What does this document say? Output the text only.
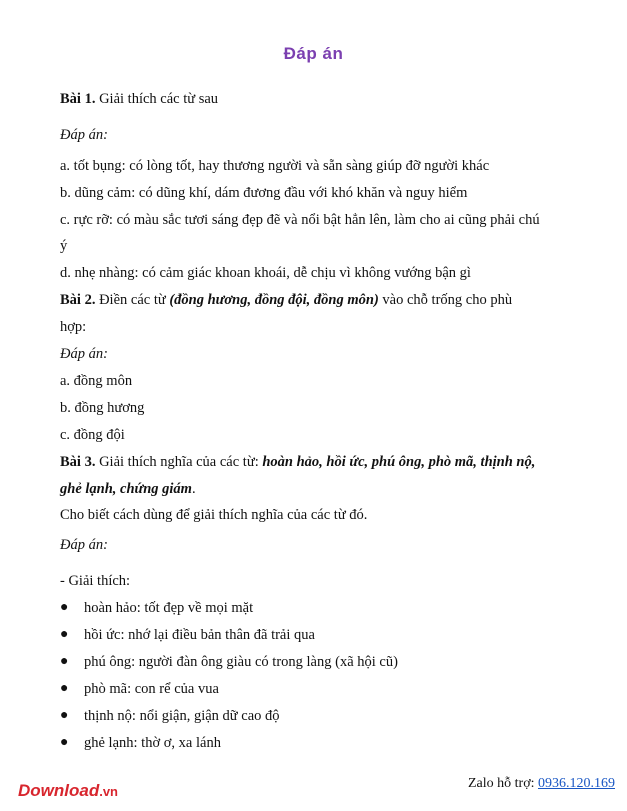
Đáp án
Bài 1. Giải thích các từ sau
Đáp án:
a. tốt bụng: có lòng tốt, hay thương người và sẵn sàng giúp đỡ người khác
b. dũng cảm: có dũng khí, dám đương đầu với khó khăn và nguy hiểm
c. rực rỡ: có màu sắc tươi sáng đẹp đẽ và nổi bật hẳn lên, làm cho ai cũng phải chú
ý
d. nhẹ nhàng: có cảm giác khoan khoái, dễ chịu vì không vướng bận gì
Bài 2. Điền các từ (đồng hương, đồng đội, đồng môn) vào chỗ trống cho phù
hợp:
Đáp án:
a. đồng môn
b. đồng hương
c. đồng đội
Bài 3. Giải thích nghĩa của các từ: hoàn hảo, hồi ức, phú ông, phò mã, thịnh nộ,
ghẻ lạnh, chứng giám.
Cho biết cách dùng để giải thích nghĩa của các từ đó.
Đáp án:
- Giải thích:
● hoàn hảo: tốt đẹp về mọi mặt
● hồi ức: nhớ lại điều bản thân đã trải qua
● phú ông: người đàn ông giàu có trong làng (xã hội cũ)
● phò mã: con rể của vua
● thịnh nộ: nổi giận, giận dữ cao độ
● ghẻ lạnh: thờ ơ, xa lánh
Download.vn
Zalo hỗ trợ: 0936.120.169
